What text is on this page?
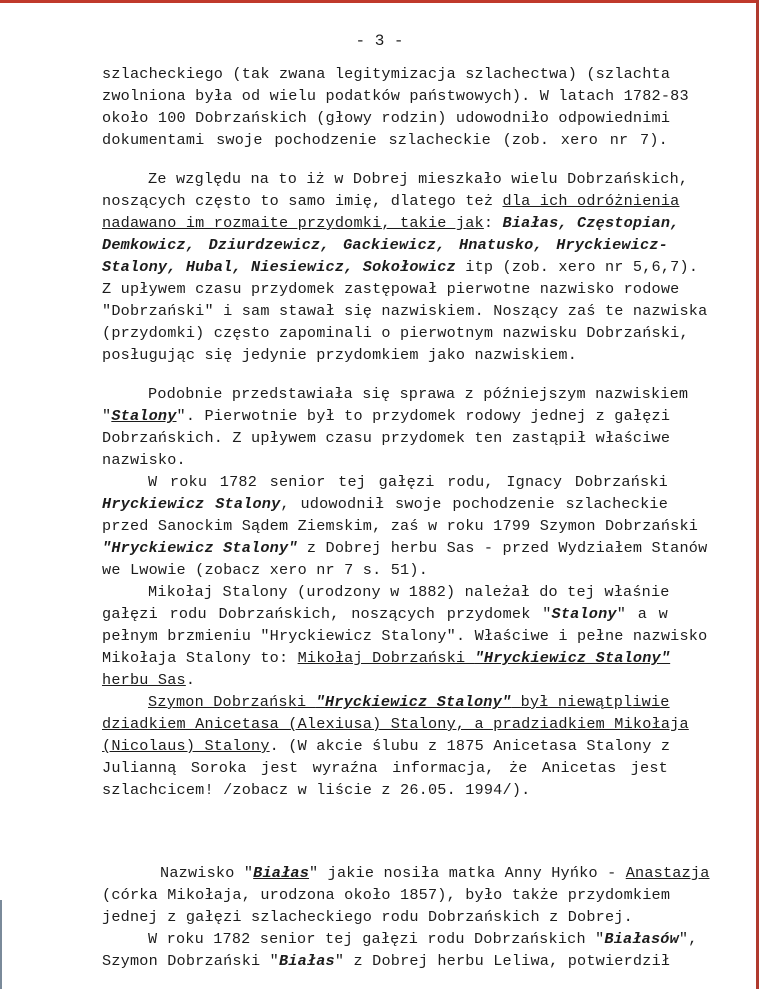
- 3 -
szlacheckiego (tak zwana legitymizacja szlachectwa) (szlachta
zwolniona była od wielu podatków państwowych). W latach 1782-83
około 100 Dobrzańskich (głowy rodzin) udowodniło odpowiednimi
dokumentami swoje pochodzenie szlacheckie (zob. xero nr 7).
Ze względu na to iż w Dobrej mieszkało wielu Dobrzańskich,
noszących często to samo imię, dlatego też dla ich odróżnienia
nadawano im rozmaite przydomki, takie jak: Białas, Częstopian,
Demkowicz, Dziurdzewicz, Gackiewicz, Hnatusko, Hryckiewicz-
Stalony, Hubal, Niesiewicz, Sokołowicz itp (zob. xero nr 5,6,7).
Z upływem czasu przydomek zastępował pierwotne nazwisko rodowe
"Dobrzański" i sam stawał się nazwiskiem. Noszący zaś te nazwiska
(przydomki) często zapominali o pierwotnym nazwisku Dobrzański,
posługując się jedynie przydomkiem jako nazwiskiem.
Podobnie przedstawiała się sprawa z późniejszym nazwiskiem
"Stalony". Pierwotnie był to przydomek rodowy jednej z gałęzi
Dobrzańskich. Z upływem czasu przydomek ten zastąpił właściwe
nazwisko.
W roku 1782 senior tej gałęzi rodu, Ignacy Dobrzański
Hryckiewicz Stalony, udowodnił swoje pochodzenie szlacheckie
przed Sanockim Sądem Ziemskim, zaś w roku 1799 Szymon Dobrzański
"Hryckiewicz Stalony" z Dobrej herbu Sas - przed Wydziałem Stanów
we Lwowie (zobacz xero nr 7 s. 51).
Mikołaj Stalony (urodzony w 1882) należał do tej właśnie
gałęzi rodu Dobrzańskich, noszących przydomek "Stalony" a w
pełnym brzmieniu "Hryckiewicz Stalony". Właściwe i pełne nazwisko
Mikołaja Stalony to: Mikołaj Dobrzański "Hryckiewicz Stalony"
herbu Sas.
Szymon Dobrzański "Hryckiewicz Stalony" był niewątpliwie
dziadkiem Anicetasa (Alexiusa) Stalony, a pradziadkiem Mikołaja
(Nicolaus) Stalony. (W akcie ślubu z 1875 Anicetasa Stalony z
Julianną Soroka jest wyraźna informacja, że Anicetas jest
szlachcicem! /zobacz w liście z 26.05. 1994/).
Nazwisko "Białas" jakie nosiła matka Anny Hyńko - Anastazja
(córka Mikołaja, urodzona około 1857), było także przydomkiem
jednej z gałęzi szlacheckiego rodu Dobrzańskich z Dobrej.
W roku 1782 senior tej gałęzi rodu Dobrzańskich "Białasów",
Szymon Dobrzański "Białas" z Dobrej herbu Leliwa, potwierdził
